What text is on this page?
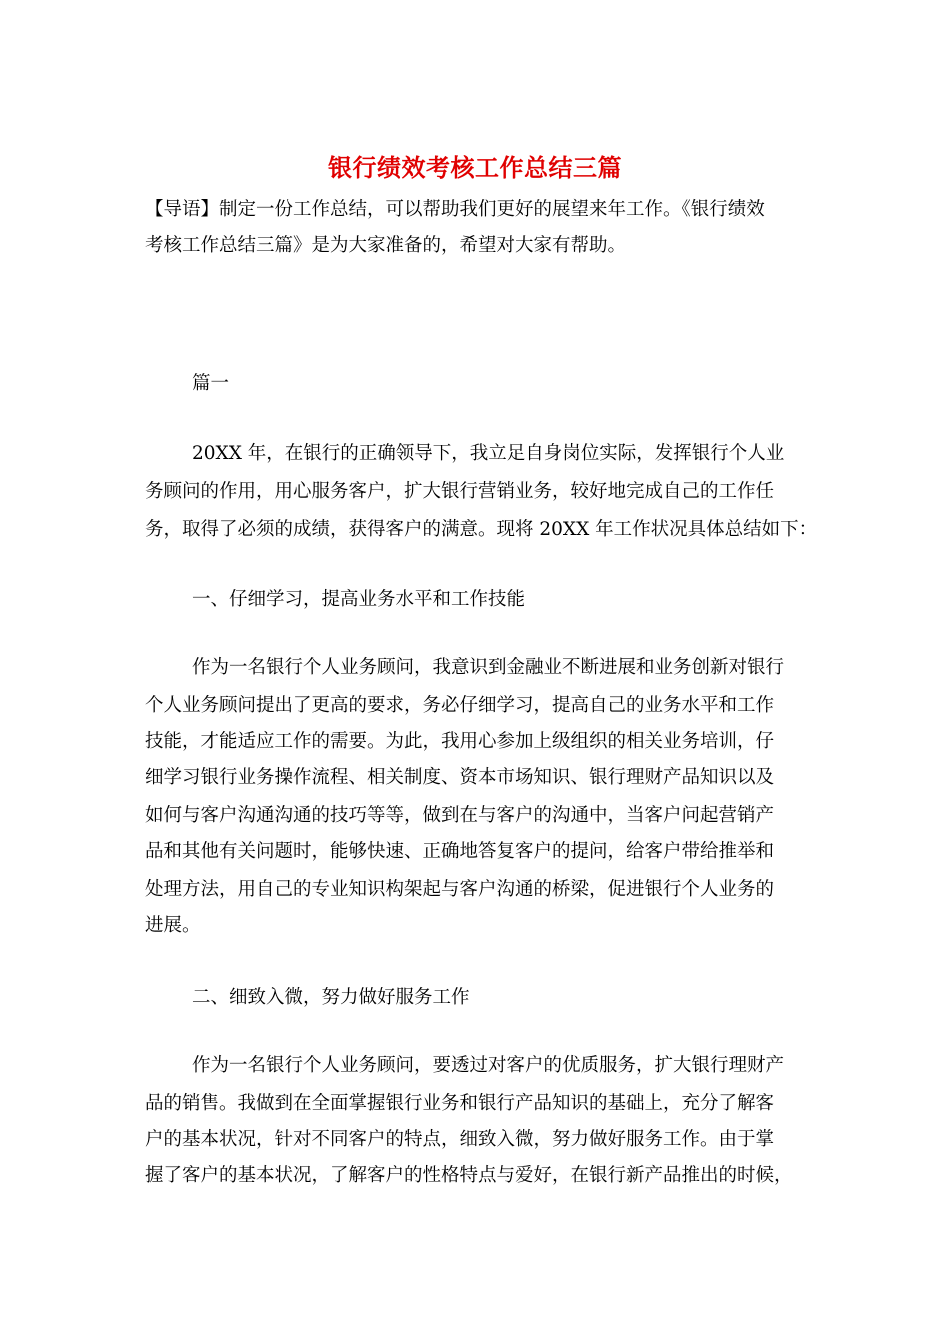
银行绩效考核工作总结三篇
【导语】制定一份工作总结，可以帮助我们更好的展望来年工作。《银行绩效
考核工作总结三篇》是为大家准备的，希望对大家有帮助。
篇一
20XX 年，在银行的正确领导下，我立足自身岗位实际，发挥银行个人业
务顾问的作用，用心服务客户，扩大银行营销业务，较好地完成自己的工作任
务，取得了必须的成绩，获得客户的满意。现将 20XX 年工作状况具体总结如下：
一、仔细学习，提高业务水平和工作技能
作为一名银行个人业务顾问，我意识到金融业不断进展和业务创新对银行
个人业务顾问提出了更高的要求，务必仔细学习，提高自己的业务水平和工作
技能，才能适应工作的需要。为此，我用心参加上级组织的相关业务培训，仔
细学习银行业务操作流程、相关制度、资本市场知识、银行理财产品知识以及
如何与客户沟通沟通的技巧等等，做到在与客户的沟通中，当客户问起营销产
品和其他有关问题时，能够快速、正确地答复客户的提问，给客户带给推举和
处理方法，用自己的专业知识构架起与客户沟通的桥梁，促进银行个人业务的
进展。
二、细致入微，努力做好服务工作
作为一名银行个人业务顾问，要透过对客户的优质服务，扩大银行理财产
品的销售。我做到在全面掌握银行业务和银行产品知识的基础上，充分了解客
户的基本状况，针对不同客户的特点，细致入微，努力做好服务工作。由于掌
握了客户的基本状况，了解客户的性格特点与爱好，在银行新产品推出的时候，
